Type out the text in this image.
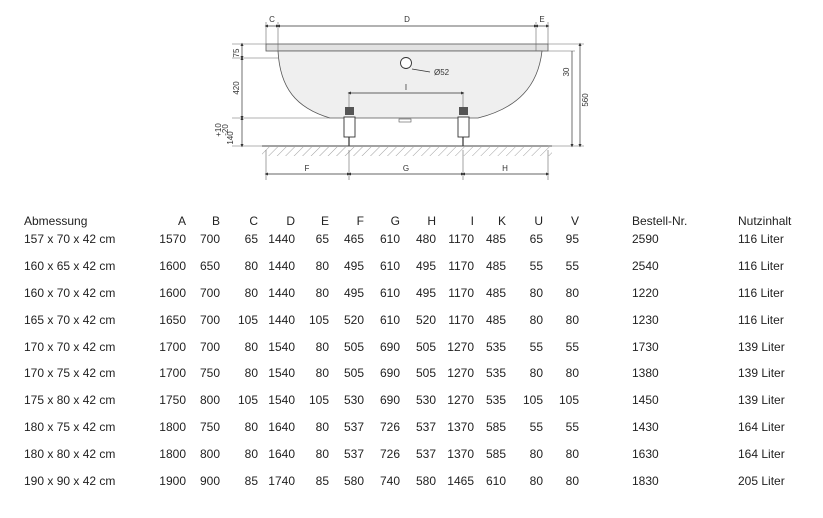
C	D	E
I
F	G	H
Ø52
75
420
140
+10
-20
30
560
Abmessung	A B C D E F G H	I K U V	Bestell-Nr.	Nutzinhalt
157 x 70 x 42 cm	1570 700 65 1440 65 465 610 480 1170 485 65 95	2590	116 Liter
160 x 65 x 42 cm	1600 650 80 1440 80 495 610 495 1170 485 55 55	2540	116 Liter
160 x 70 x 42 cm	1600 700 80 1440 80 495 610 495 1170 485 80 80	1220	116 Liter
165 x 70 x 42 cm	1650 700 105 1440 105 520 610 520 1170 485 80 80	1230	116 Liter
170 x 70 x 42 cm	1700 700 80 1540 80 505 690 505 1270 535 55 55	1730	139 Liter
170 x 75 x 42 cm	1700 750 80 1540 80 505 690 505 1270 535 80 80	1380	139 Liter
175 x 80 x 42 cm	1750 800 105 1540 105 530 690 530 1270 535 105 105	1450	139 Liter
180 x 75 x 42 cm	1800 750 80 1640 80 537 726 537 1370 585 55 55	1430	164 Liter
180 x 80 x 42 cm	1800 800 80 1640 80 537 726 537 1370 585 80 80	1630	164 Liter
190 x 90 x 42 cm	1900 900 85 1740 85 580 740 580 1465 610 80 80	1830	205 Liter
